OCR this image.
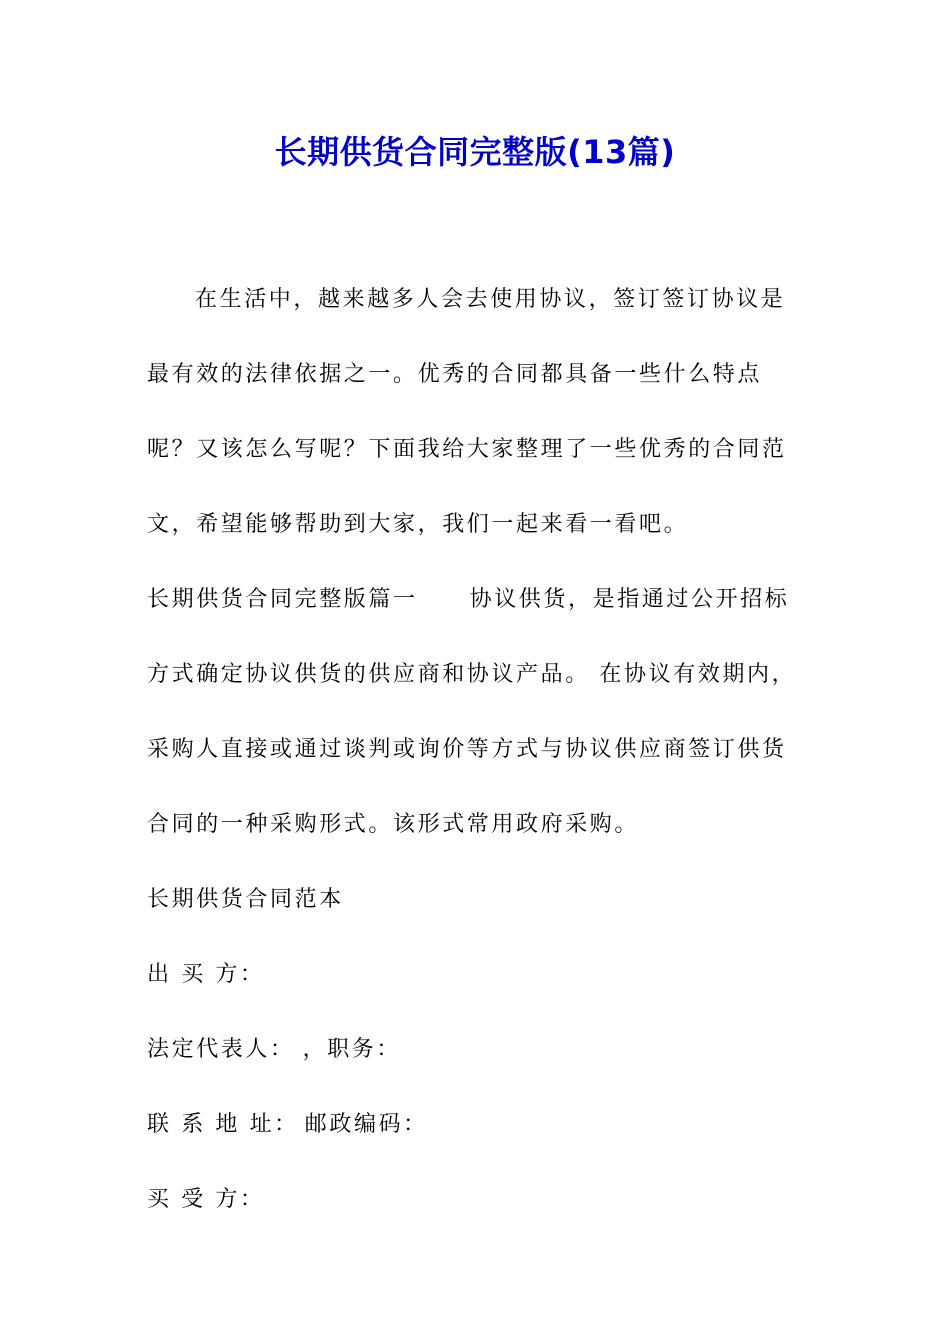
长期供货合同完整版(13篇)

在生活中，越来越多人会去使用协议，签订签订协议是最有效的法律依据之一。优秀的合同都具备一些什么特点呢？又该怎么写呢？下面我给大家整理了一些优秀的合同范文，希望能够帮助到大家，我们一起来看一看吧。

长期供货合同完整版篇一 协议供货，是指通过公开招标方式确定协议供货的供应商和协议产品。 在协议有效期内，采购人直接或通过谈判或询价等方式与协议供应商签订供货合同的一种采购形式。该形式常用政府采购。

长期供货合同范本

出 买 方：

法定代表人： ，职务：

联 系 地 址： 邮政编码：

买 受 方：
